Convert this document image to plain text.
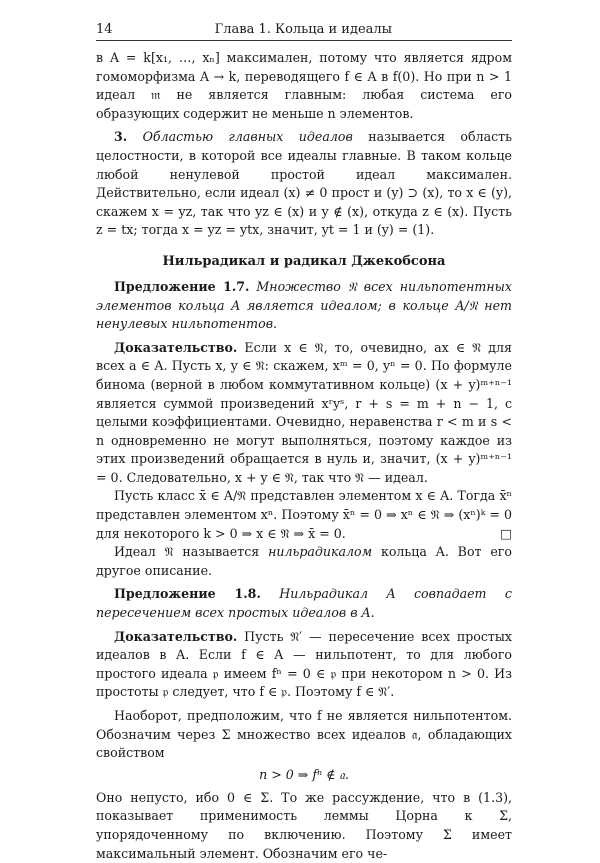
14	Глава 1. Кольца и идеалы

в A = k[x₁, …, xₙ] максимален, потому что является ядром гомоморфизма A → k, переводящего f ∈ A в f(0). Но при n > 1 идеал 𝔪 не является главным: любая система его образующих содержит не меньше n элементов.

3. Областью главных идеалов называется область целостности, в которой все идеалы главные. В таком кольце любой ненулевой простой идеал максимален. Действительно, если идеал (x) ≠ 0 прост и (y) ⊃ (x), то x ∈ (y), скажем x = yz, так что yz ∈ (x) и y ∉ (x), откуда z ∈ (x). Пусть z = tx; тогда x = yz = ytx, значит, yt = 1 и (y) = (1).

Нильрадикал и радикал Джекобсона

Предложение 1.7. Множество 𝔑 всех нильпотентных элементов кольца A является идеалом; в кольце A/𝔑 нет ненулевых нильпотентов.

Доказательство. Если x ∈ 𝔑, то, очевидно, ax ∈ 𝔑 для всех a ∈ A. Пусть x, y ∈ 𝔑: скажем, xᵐ = 0, yⁿ = 0. По формуле бинома (верной в любом коммутативном кольце) (x + y)ᵐ⁺ⁿ⁻¹ является суммой произведений xʳyˢ, r + s = m + n − 1, с целыми коэффициентами. Очевидно, неравенства r < m и s < n одновременно не могут выполняться, поэтому каждое из этих произведений обращается в нуль и, значит, (x + y)ᵐ⁺ⁿ⁻¹ = 0. Следовательно, x + y ∈ 𝔑, так что 𝔑 — идеал.

Пусть класс x̄ ∈ A/𝔑 представлен элементом x ∈ A. Тогда x̄ⁿ представлен элементом xⁿ. Поэтому x̄ⁿ = 0 ⇒ xⁿ ∈ 𝔑 ⇒ (xⁿ)ᵏ = 0 для некоторого k > 0 ⇒ x ∈ 𝔑 ⇒ x̄ = 0.	□

Идеал 𝔑 называется нильрадикалом кольца A. Вот его другое описание.

Предложение 1.8. Нильрадикал A совпадает с пересечением всех простых идеалов в A.

Доказательство. Пусть 𝔑′ — пересечение всех простых идеалов в A. Если f ∈ A — нильпотент, то для любого простого идеала 𝔭 имеем fⁿ = 0 ∈ 𝔭 при некотором n > 0. Из простоты 𝔭 следует, что f ∈ 𝔭. Поэтому f ∈ 𝔑′.

Наоборот, предположим, что f не является нильпотентом. Обозначим через Σ множество всех идеалов 𝔞, обладающих свойством

n > 0 ⇒ fⁿ ∉ 𝔞.

Оно непусто, ибо 0 ∈ Σ. То же рассуждение, что в (1.3), показывает применимость леммы Цорна к Σ, упорядоченному по включению. Поэтому Σ имеет максимальный элемент. Обозначим его че-
